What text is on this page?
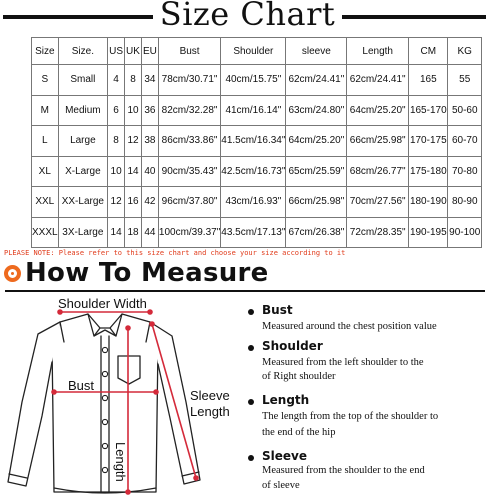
Size Chart
Size	Size.	US	UK	EU	Bust	Shoulder	sleeve	Length	CM	KG
S	Small	4	8	34	78cm/30.71"	40cm/15.75"	62cm/24.41"	62cm/24.41"	165	55
M	Medium	6	10	36	82cm/32.28"	41cm/16.14"	63cm/24.80"	64cm/25.20"	165-170	50-60
L	Large	8	12	38	86cm/33.86"	41.5cm/16.34"	64cm/25.20"	66cm/25.98"	170-175	60-70
XL	X-Large	10	14	40	90cm/35.43"	42.5cm/16.73"	65cm/25.59"	68cm/26.77"	175-180	70-80
XXL	XX-Large	12	16	42	96cm/37.80"	43cm/16.93"	66cm/25.98"	70cm/27.56"	180-190	80-90
XXXL	3X-Large	14	18	44	100cm/39.37"	43.5cm/17.13"	67cm/26.38"	72cm/28.35"	190-195	90-100
PLEASE NOTE: Please refer to this size chart and choose your size according to it
How To Measure
Shoulder Width
Bust
Sleeve
Length
Length
Bust
Measured around the chest position value
Shoulder
Measured from the left shoulder to the
of Right shoulder
Length
The length from the top of the shoulder to
the end of the hip
Sleeve
Measured from the shoulder to the end
of sleeve
